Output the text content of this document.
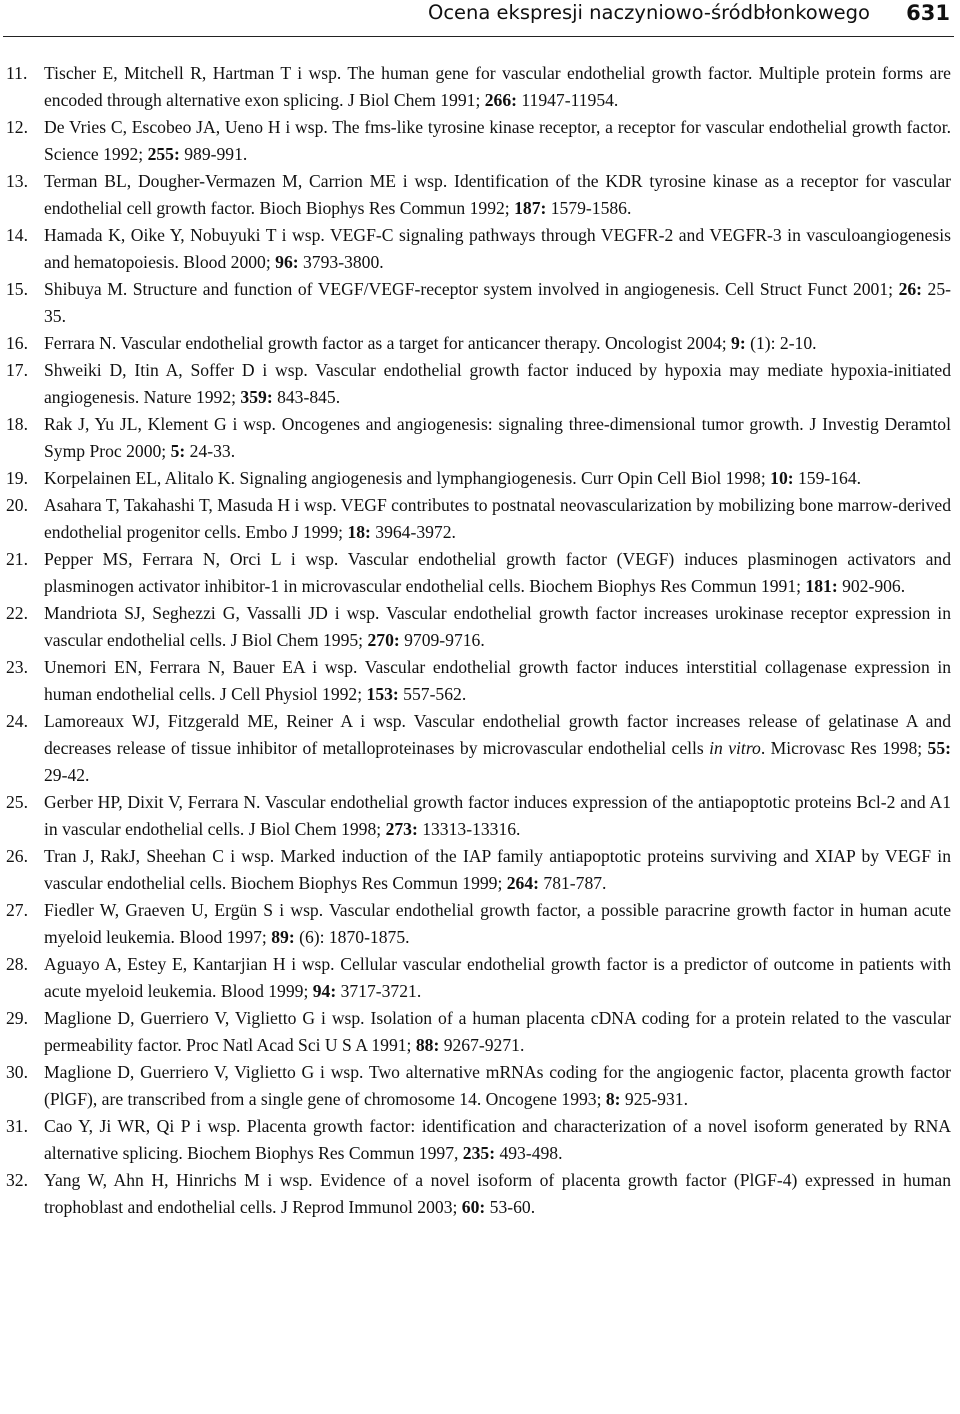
Ocena ekspresji naczyniowo-śródbłonkowego 631
11. Tischer E, Mitchell R, Hartman T i wsp. The human gene for vascular endothelial growth factor. Multiple protein forms are encoded through alternative exon splicing. J Biol Chem 1991; 266: 11947-11954.
12. De Vries C, Escobeo JA, Ueno H i wsp. The fms-like tyrosine kinase receptor, a receptor for vascular endothelial growth factor. Science 1992; 255: 989-991.
13. Terman BL, Dougher-Vermazen M, Carrion ME i wsp. Identification of the KDR tyrosine kinase as a receptor for vascular endothelial cell growth factor. Bioch Biophys Res Commun 1992; 187: 1579-1586.
14. Hamada K, Oike Y, Nobuyuki T i wsp. VEGF-C signaling pathways through VEGFR-2 and VEGFR-3 in vasculoangiogenesis and hematopoiesis. Blood 2000; 96: 3793-3800.
15. Shibuya M. Structure and function of VEGF/VEGF-receptor system involved in angiogenesis. Cell Struct Funct 2001; 26: 25-35.
16. Ferrara N. Vascular endothelial growth factor as a target for anticancer therapy. Oncologist 2004; 9: (1): 2-10.
17. Shweiki D, Itin A, Soffer D i wsp. Vascular endothelial growth factor induced by hypoxia may mediate hypoxia-initiated angiogenesis. Nature 1992; 359: 843-845.
18. Rak J, Yu JL, Klement G i wsp. Oncogenes and angiogenesis: signaling three-dimensional tumor growth. J Investig Deramtol Symp Proc 2000; 5: 24-33.
19. Korpelainen EL, Alitalo K. Signaling angiogenesis and lymphangiogenesis. Curr Opin Cell Biol 1998; 10: 159-164.
20. Asahara T, Takahashi T, Masuda H i wsp. VEGF contributes to postnatal neovascularization by mobilizing bone marrow-derived endothelial progenitor cells. Embo J 1999; 18: 3964-3972.
21. Pepper MS, Ferrara N, Orci L i wsp. Vascular endothelial growth factor (VEGF) induces plasminogen activators and plasminogen activator inhibitor-1 in microvascular endothelial cells. Biochem Biophys Res Commun 1991; 181: 902-906.
22. Mandriota SJ, Seghezzi G, Vassalli JD i wsp. Vascular endothelial growth factor increases urokinase receptor expression in vascular endothelial cells. J Biol Chem 1995; 270: 9709-9716.
23. Unemori EN, Ferrara N, Bauer EA i wsp. Vascular endothelial growth factor induces interstitial collagenase expression in human endothelial cells. J Cell Physiol 1992; 153: 557-562.
24. Lamoreaux WJ, Fitzgerald ME, Reiner A i wsp. Vascular endothelial growth factor increases release of gelatinase A and decreases release of tissue inhibitor of metalloproteinases by microvascular endothelial cells in vitro. Microvasc Res 1998; 55: 29-42.
25. Gerber HP, Dixit V, Ferrara N. Vascular endothelial growth factor induces expression of the antiapoptotic proteins Bcl-2 and A1 in vascular endothelial cells. J Biol Chem 1998; 273: 13313-13316.
26. Tran J, RakJ, Sheehan C i wsp. Marked induction of the IAP family antiapoptotic proteins surviving and XIAP by VEGF in vascular endothelial cells. Biochem Biophys Res Commun 1999; 264: 781-787.
27. Fiedler W, Graeven U, Ergün S i wsp. Vascular endothelial growth factor, a possible paracrine growth factor in human acute myeloid leukemia. Blood 1997; 89: (6): 1870-1875.
28. Aguayo A, Estey E, Kantarjian H i wsp. Cellular vascular endothelial growth factor is a predictor of outcome in patients with acute myeloid leukemia. Blood 1999; 94: 3717-3721.
29. Maglione D, Guerriero V, Viglietto G i wsp. Isolation of a human placenta cDNA coding for a protein related to the vascular permeability factor. Proc Natl Acad Sci U S A 1991; 88: 9267-9271.
30. Maglione D, Guerriero V, Viglietto G i wsp. Two alternative mRNAs coding for the angiogenic factor, placenta growth factor (PlGF), are transcribed from a single gene of chromosome 14. Oncogene 1993; 8: 925-931.
31. Cao Y, Ji WR, Qi P i wsp. Placenta growth factor: identification and characterization of a novel isoform generated by RNA alternative splicing. Biochem Biophys Res Commun 1997, 235: 493-498.
32. Yang W, Ahn H, Hinrichs M i wsp. Evidence of a novel isoform of placenta growth factor (PlGF-4) expressed in human trophoblast and endothelial cells. J Reprod Immunol 2003; 60: 53-60.
